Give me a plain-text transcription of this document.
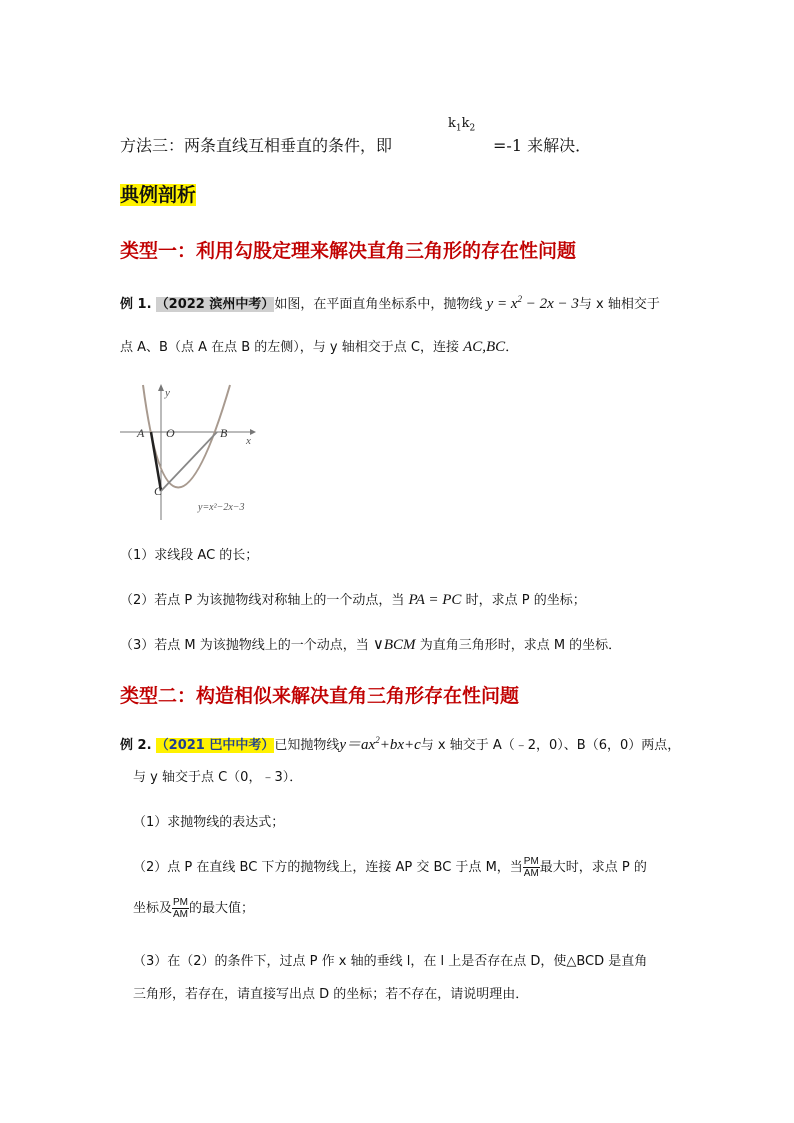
方法三：两条直线互相垂直的条件，即
$k_1k_2$
=-1 来解决．
典例剖析
类型一：利用勾股定理来解决直角三角形的存在性问题
例 1. （2022 滨州中考）如图，在平面直角坐标系中，抛物线 $y = x^2 - 2x - 3$与 x 轴相交于
点 A、B（点 A 在点 B 的左侧），与 y 轴相交于点 C，连接 AC,BC．
y
x
A O	B
C
y=x²−2x−3
（1）求线段 AC 的长；
（2）若点 P 为该抛物线对称轴上的一个动点，当 PA = PC 时，求点 P 的坐标；
（3）若点 M 为该抛物线上的一个动点，当 ∨BCM 为直角三角形时，求点 M 的坐标．
类型二：构造相似来解决直角三角形存在性问题
例 2. （2021 巴中中考）已知抛物线$y=ax^2+bx+c$与 x 轴交于 A（﹣2，0）、B（6，0）两点，
与 y 轴交于点 C（0，﹣3）．
（1）求抛物线的表达式；
（2）点 P 在直线 BC 下方的抛物线上，连接 AP 交 BC 于点 M，当 $\frac{PM}{AM}$ 最大时，求点 P 的
坐标及 $\frac{PM}{AM}$ 的最大值；
（3）在（2）的条件下，过点 P 作 x 轴的垂线 l，在 l 上是否存在点 D，使△BCD 是直角
三角形，若存在，请直接写出点 D 的坐标；若不存在，请说明理由．
